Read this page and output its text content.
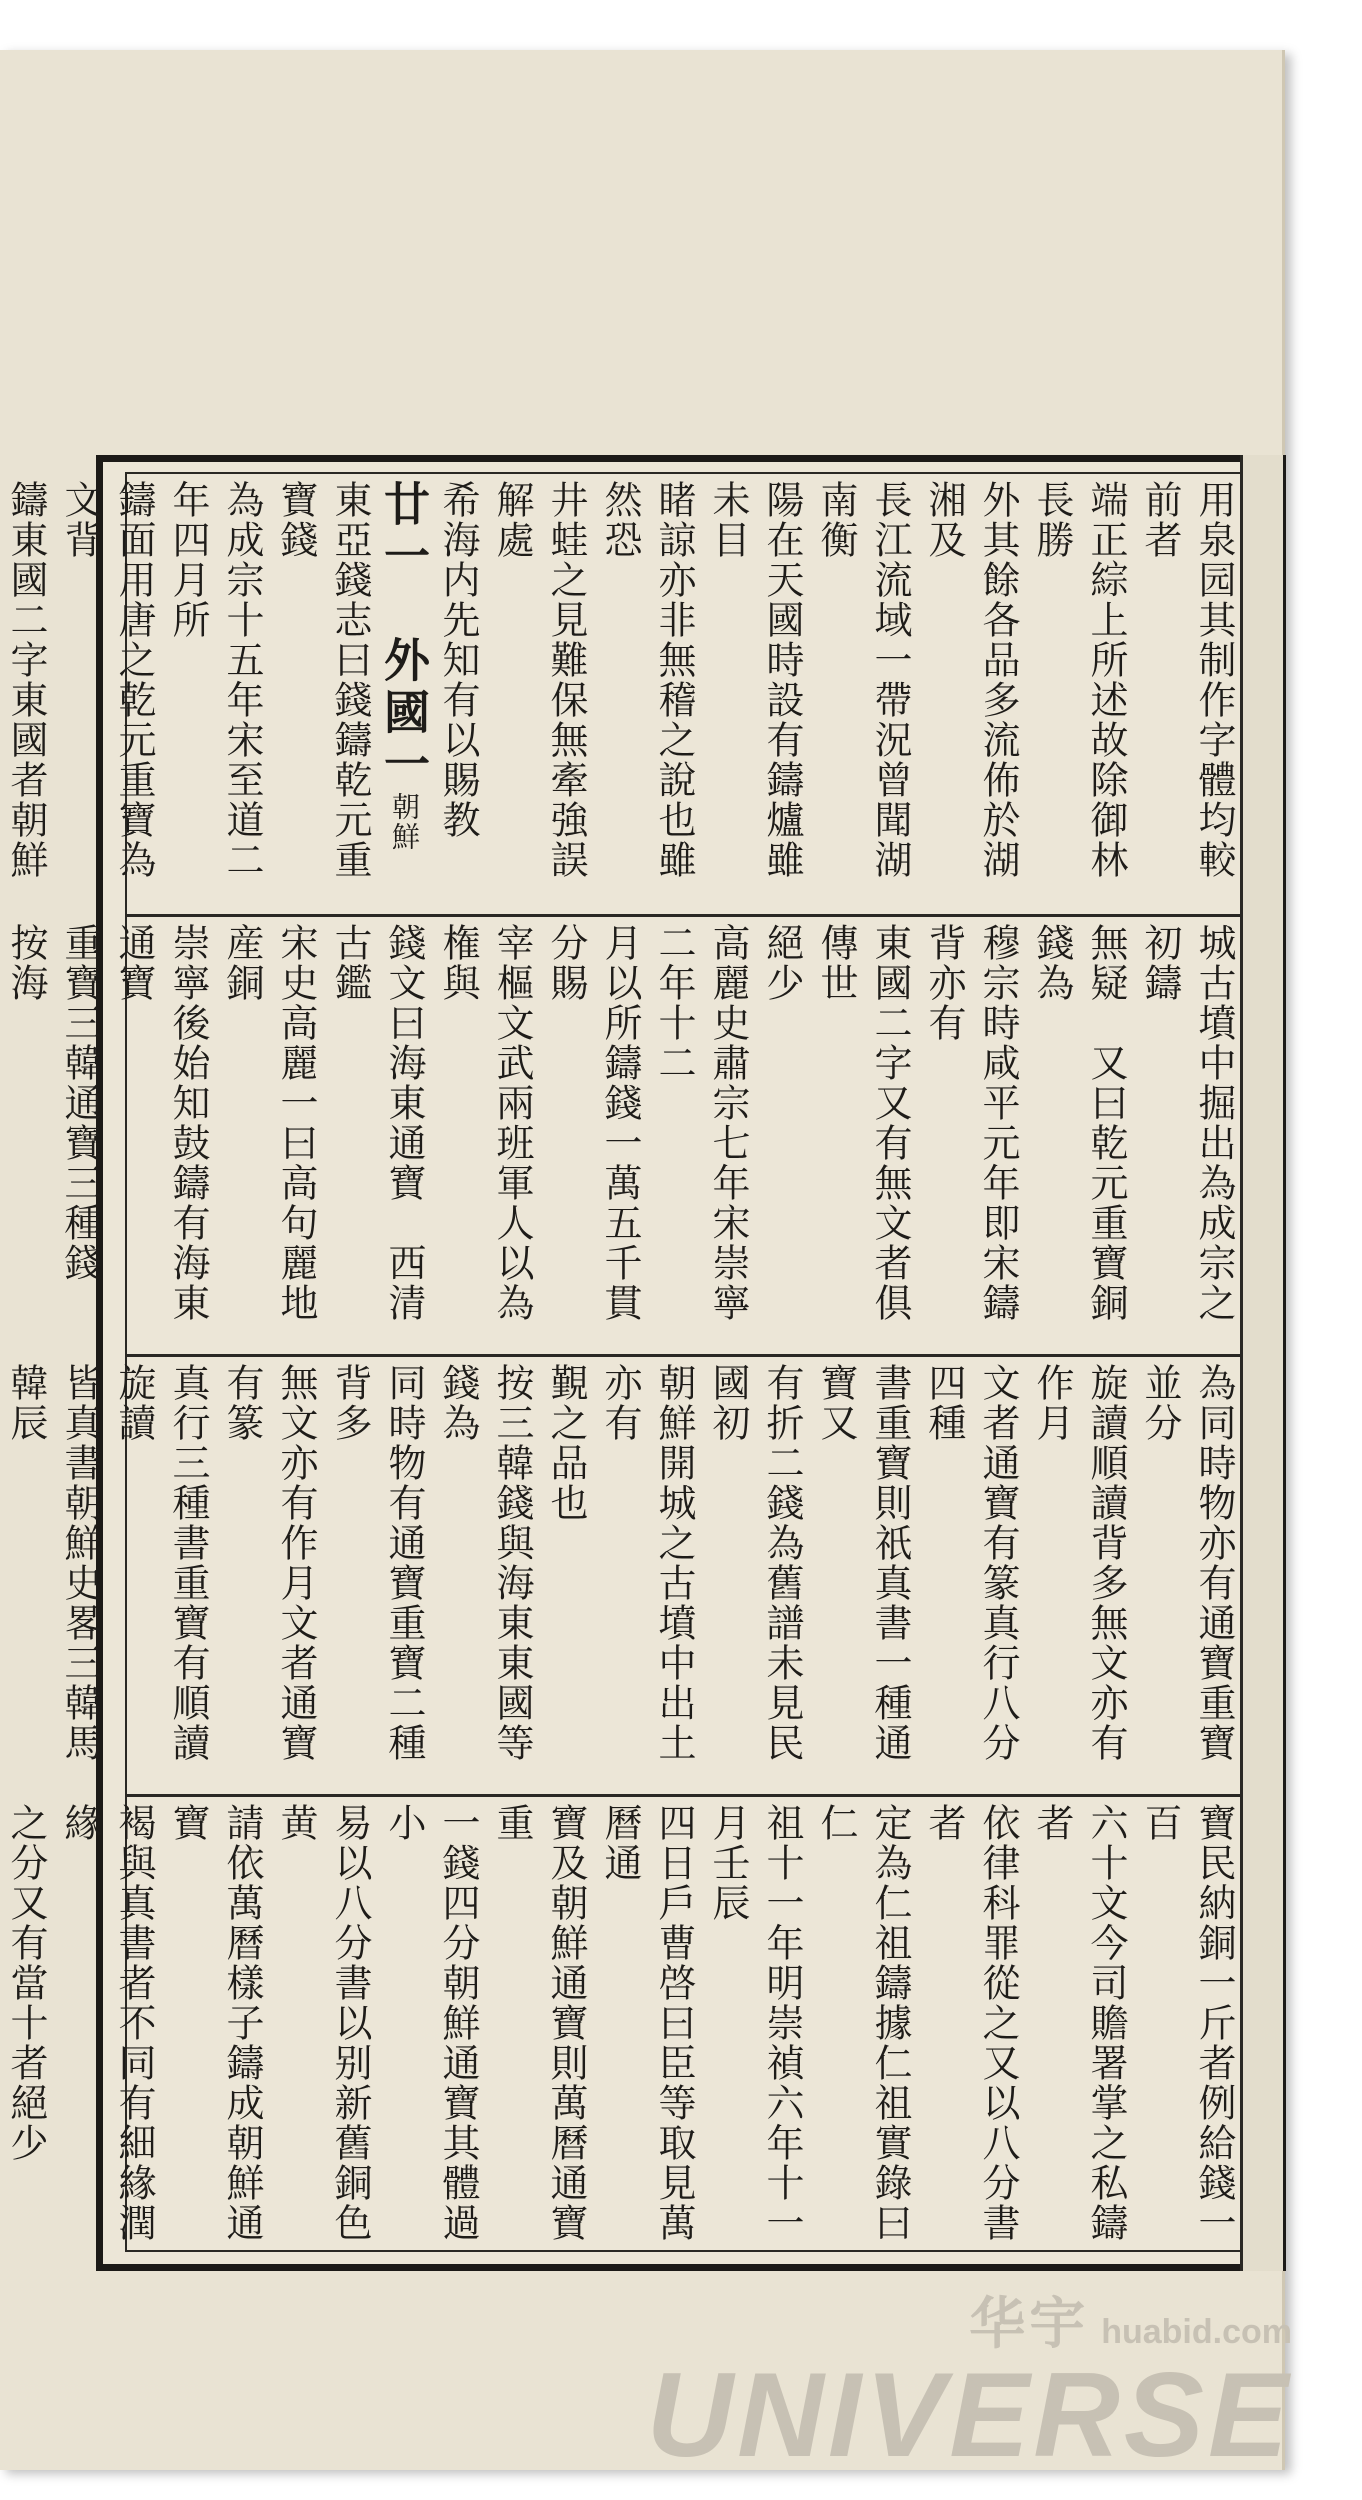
用泉园其制作字體均較前者
端正綜上所述故除御林長勝
外其餘各品多流佈於湖湘及
長江流域一帶況曾聞湖南衡
陽在天國時設有鑄爐雖未目
睹諒亦非無稽之說也雖然恐
井蛙之見難保無牽強誤解處
希海内先知有以賜教
廿一　外國一朝鮮
東亞錢志曰錢鑄乾元重寶錢
為成宗十五年宋至道二年四月所
鑄面用唐之乾元重寶為文背
鑄東國二字東國者朝鮮

城古墳中掘出為成宗之初鑄
無疑　又曰乾元重寶銅錢為
穆宗時咸平元年即宋鑄背亦有
東國二字又有無文者俱傳世
絕少
高麗史肅宗七年宋崇寧二年十二
月以所鑄錢一萬五千貫分賜
宰樞文武兩班軍人以為権與
錢文曰海東通寶　西清古鑑
宋史高麗一曰高句麗地産銅
崇寧後始知鼓鑄有海東通寶
重寶三韓通寶三種錢　按海

為同時物亦有通寶重寶並分
旋讀順讀背多無文亦有作月
文者通寶有篆真行八分四種
書重寶則祇真書一種通寶又
有折二錢為舊譜未見民國初
朝鮮開城之古墳中出土亦有
覲之品也
按三韓錢與海東東國等錢為
同時物有通寶重寶二種背多
無文亦有作月文者通寶有篆
真行三種書重寶有順讀旋讀
皆真書朝鮮史畧三韓馬韓辰

寶民納銅一斤者例給錢一百
六十文今司贍署掌之私鑄者
依律科罪從之又以八分書者
定為仁祖鑄據仁祖實錄曰仁
祖十一年明崇禎六年十一月壬辰
四日戶曹啓曰臣等取見萬曆通
寶及朝鮮通寶則萬曆通寶重
一錢四分朝鮮通寶其體過小
易以八分書以别新舊銅色黄
請依萬曆樣子鑄成朝鮮通寶
褐與真書者不同有細緣潤緣
之分又有當十者絕少

华宇 huabid.com
UNIVERSE
